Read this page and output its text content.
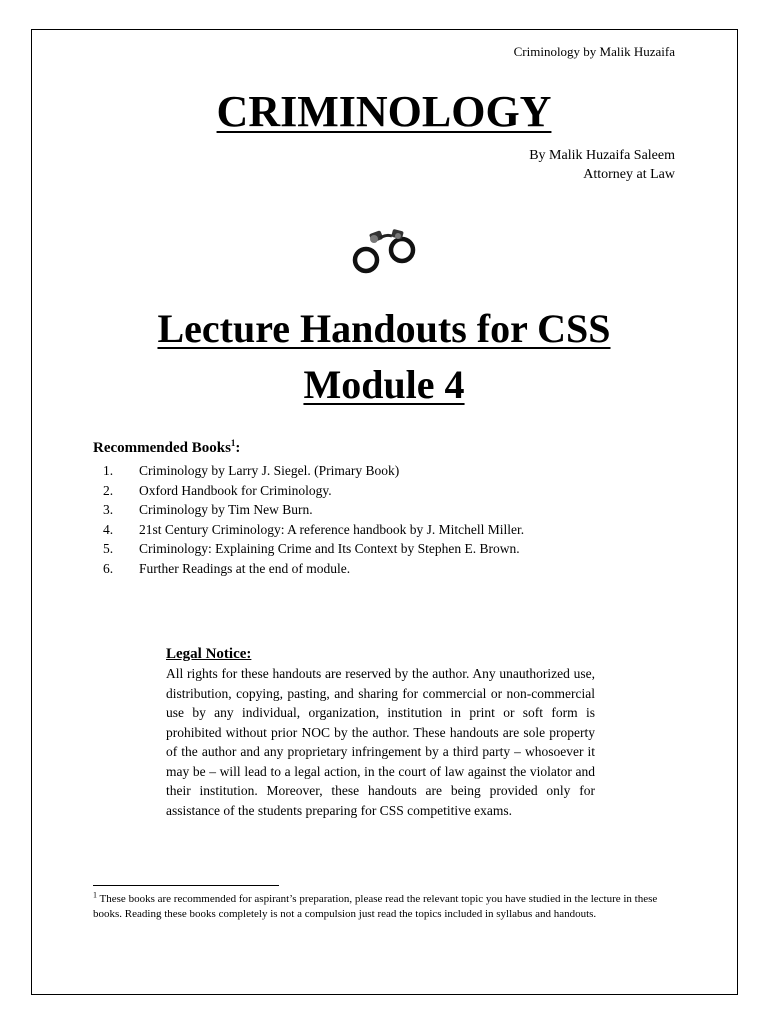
Criminology by Malik Huzaifa
CRIMINOLOGY
By Malik Huzaifa Saleem
Attorney at Law
Lecture Handouts for CSS
Module 4
Recommended Books$^1$:
1.	Criminology by Larry J. Siegel. (Primary Book)
2.	Oxford Handbook for Criminology.
3.	Criminology by Tim New Burn.
4.	21st Century Criminology: A reference handbook by J. Mitchell Miller.
5.	Criminology: Explaining Crime and Its Context by Stephen E. Brown.
6.	Further Readings at the end of module.
Legal Notice:

All rights for these handouts are reserved by the author. Any unauthorized use, distribution, copying, pasting, and sharing for commercial or non-commercial use by any individual, organization, institution in print or soft form is prohibited without prior NOC by the author. These handouts are sole property of the author and any proprietary infringement by a third party – whosoever it may be – will lead to a legal action, in the court of law against the violator and their institution. Moreover, these handouts are being provided only for assistance of the students preparing for CSS competitive exams.

$^1$ These books are recommended for aspirant’s preparation, please read the relevant topic you have studied in the lecture in these books. Reading these books completely is not a compulsion just read the topics included in syllabus and handouts.
